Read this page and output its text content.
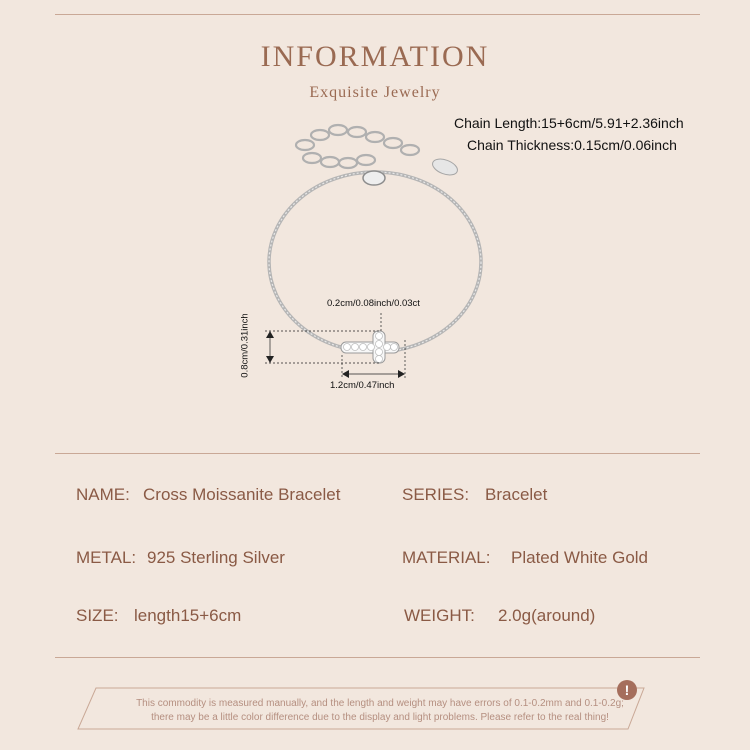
INFORMATION
Exquisite Jewelry
Chain Length:15+6cm/5.91+2.36inch
Chain Thickness:0.15cm/0.06inch
0.2cm/0.08inch/0.03ct
1.2cm/0.47inch
0.8cm/0.31inch
NAME: Cross Moissanite Bracelet	SERIES: Bracelet
METAL: 925 Sterling Silver	MATERIAL: Plated White Gold
SIZE: length15+6cm	WEIGHT: 2.0g(around)
!
This commodity is measured manually, and the length and weight may have errors of 0.1-0.2mm and 0.1-0.2g;
there may be a little color difference due to the display and light problems. Please refer to the real thing!
